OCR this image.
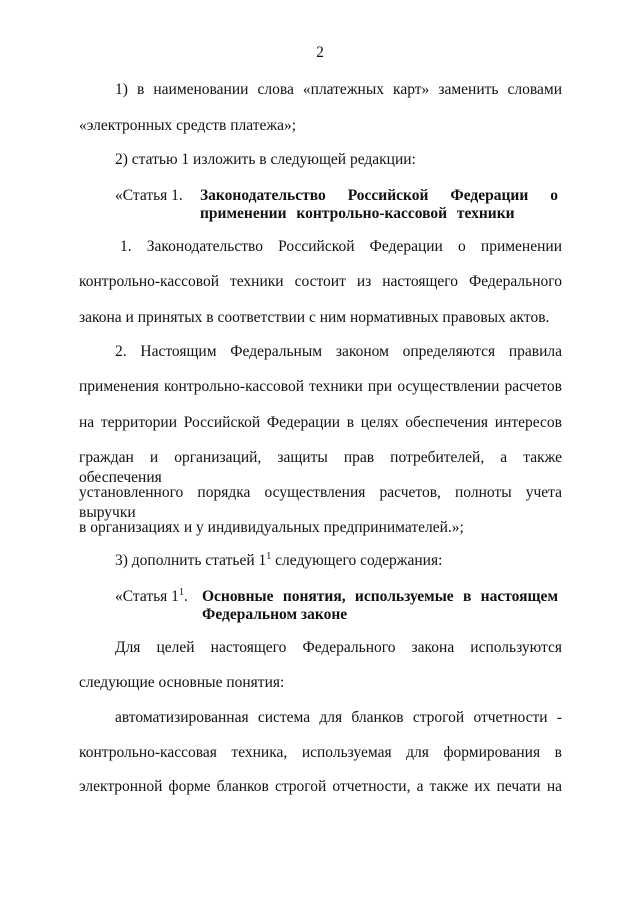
2
1) в наименовании слова «платежных карт» заменить словами
«электронных средств платежа»;
2) статью 1 изложить в следующей редакции:
«Статья 1. Законодательство Российской Федерации о
применении контрольно-кассовой техники
1. Законодательство Российской Федерации о применении
контрольно-кассовой техники состоит из настоящего Федерального
закона и принятых в соответствии с ним нормативных правовых актов.
2. Настоящим Федеральным законом определяются правила
применения контрольно-кассовой техники при осуществлении расчетов
на территории Российской Федерации в целях обеспечения интересов
граждан и организаций, защиты прав потребителей, а также обеспечения
установленного порядка осуществления расчетов, полноты учета выручки
в организациях и у индивидуальных предпринимателей.»;
3) дополнить статьей $1^1$ следующего содержания:
«Статья $1^1$. Основные понятия, используемые в настоящем
Федеральном законе
Для целей настоящего Федерального закона используются
следующие основные понятия:
автоматизированная система для бланков строгой отчетности -
контрольно-кассовая техника, используемая для формирования в
электронной форме бланков строгой отчетности, а также их печати на
